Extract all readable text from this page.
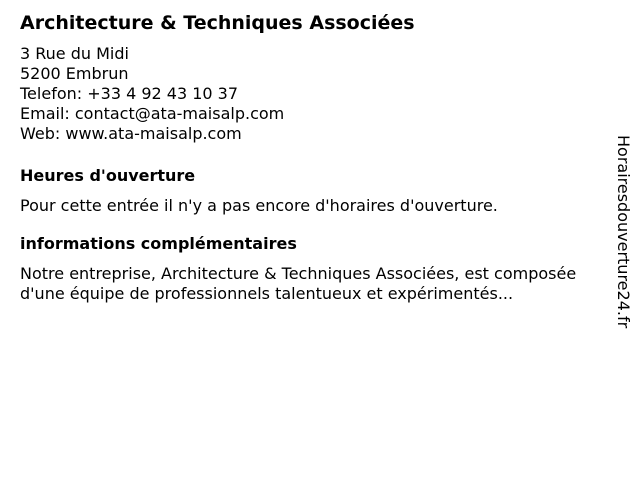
Architecture & Techniques Associées
3 Rue du Midi
5200 Embrun
Telefon: +33 4 92 43 10 37
Email: contact@ata-maisalp.com
Web: www.ata-maisalp.com
Heures d'ouverture
Pour cette entrée il n'y a pas encore d'horaires d'ouverture.
informations complémentaires
Notre entreprise, Architecture & Techniques Associées, est composée d'une équipe de professionnels talentueux et expérimentés...	Horairesdouverture24.fr
